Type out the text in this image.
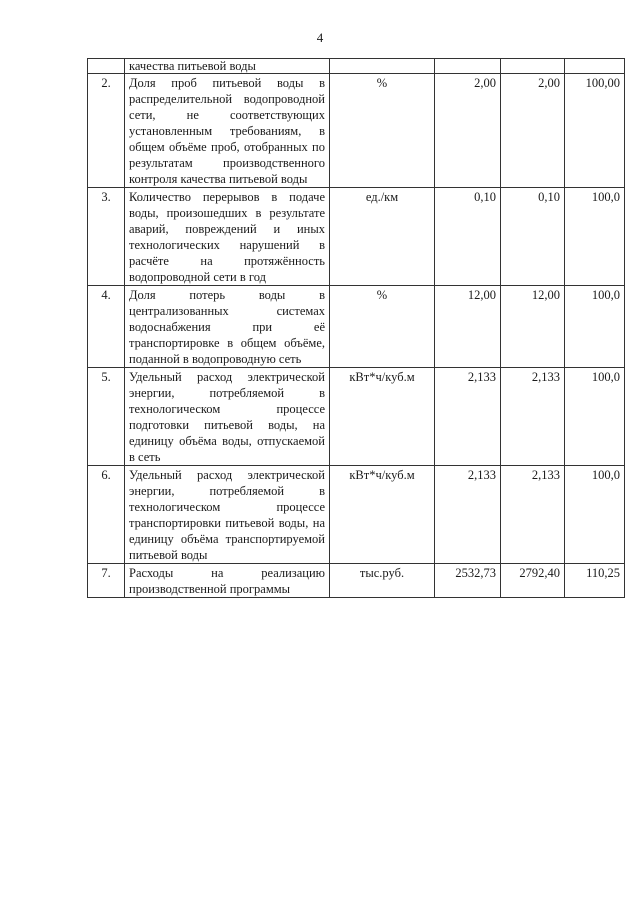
4
	качества питьевой воды				
2.	Доля проб питьевой воды в распределительной водопроводной сети, не соответствующих установленным требованиям, в общем объёме проб, отобранных по результатам производственного контроля качества питьевой воды	%	2,00	2,00	100,00
3.	Количество перерывов в подаче воды, произошедших в результате аварий, повреждений и иных технологических нарушений в расчёте на протяжённость водопроводной сети в год	ед./км	0,10	0,10	100,0
4.	Доля потерь воды в централизованных системах водоснабжения при её транспортировке в общем объёме, поданной в водопроводную сеть	%	12,00	12,00	100,0
5.	Удельный расход электрической энергии, потребляемой в технологическом процессе подготовки питьевой воды, на единицу объёма воды, отпускаемой в сеть	кВт*ч/куб.м	2,133	2,133	100,0
6.	Удельный расход электрической энергии, потребляемой в технологическом процессе транспортировки питьевой воды, на единицу объёма транспортируемой питьевой воды	кВт*ч/куб.м	2,133	2,133	100,0
7.	Расходы на реализацию производственной программы	тыс.руб.	2532,73	2792,40	110,25
